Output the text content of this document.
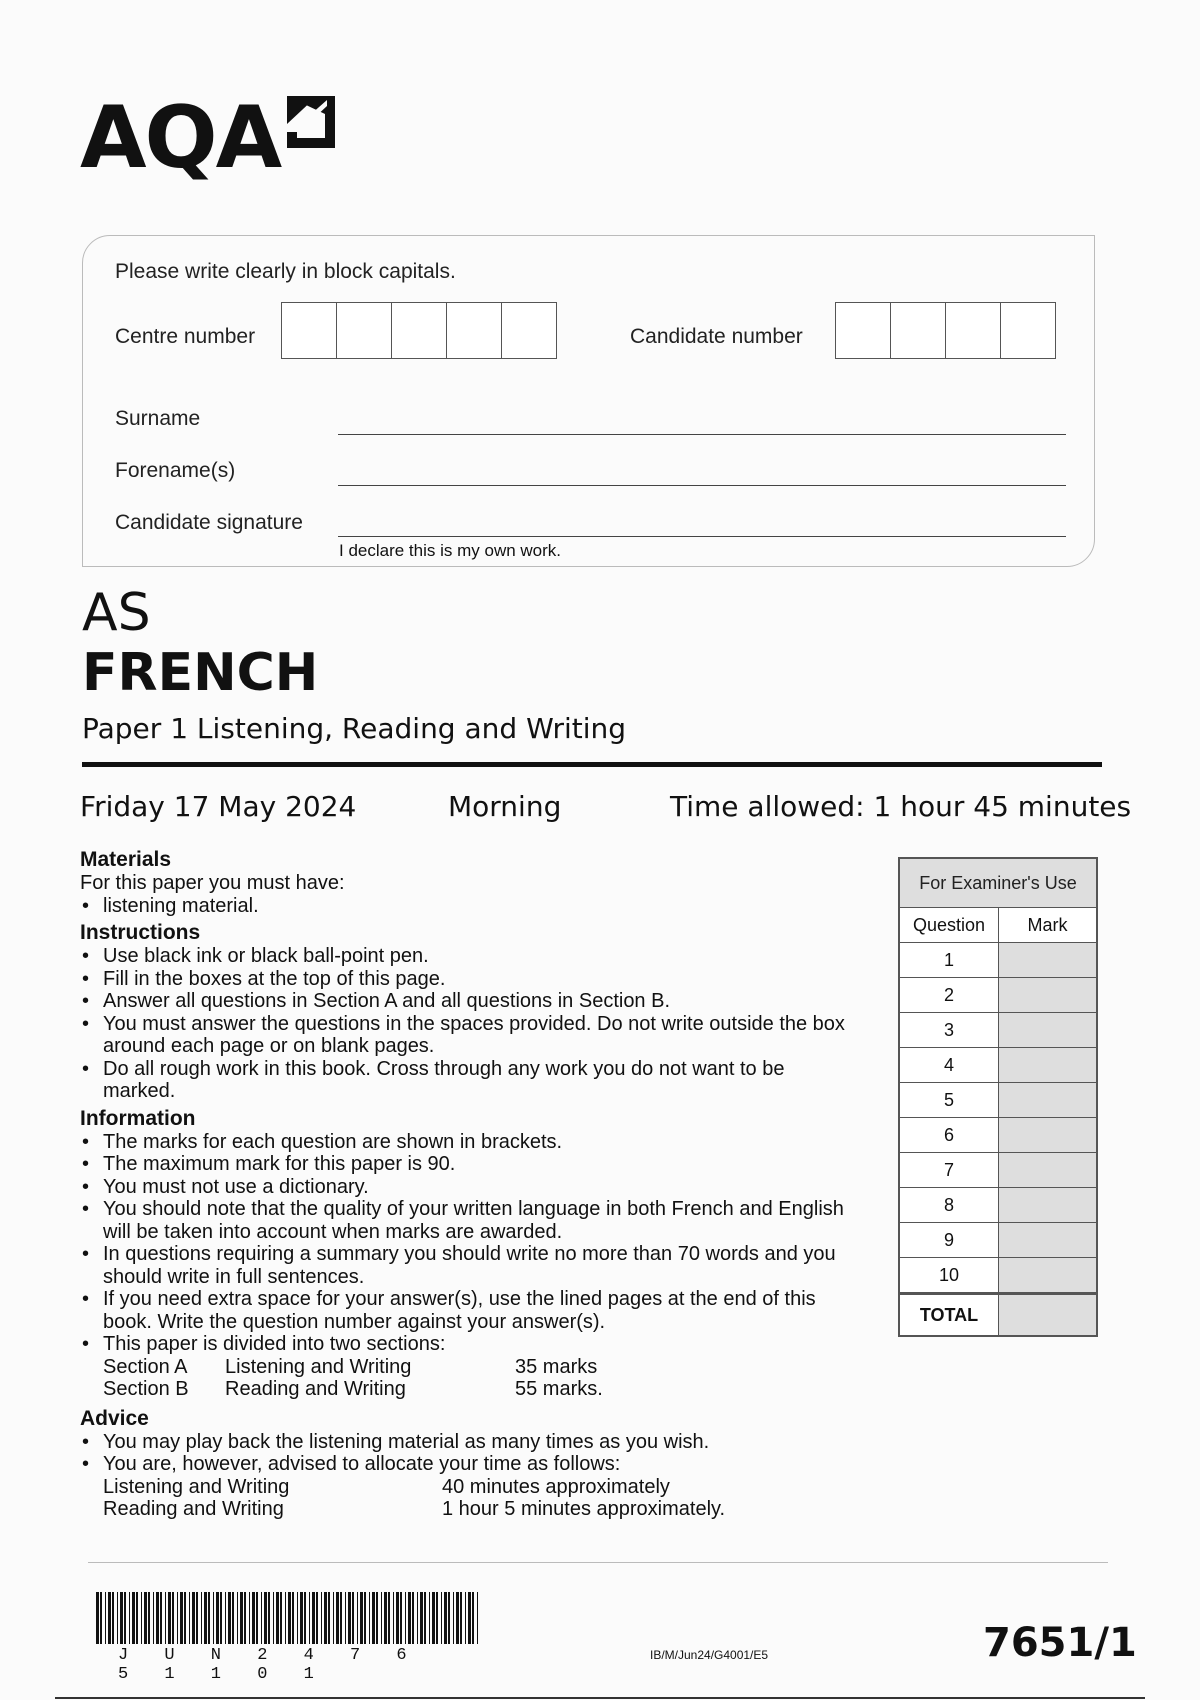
AQA
Please write clearly in block capitals.
Centre number	Candidate number
Surname
Forename(s)
Candidate signature
I declare this is my own work.
AS
FRENCH
Paper 1 Listening, Reading and Writing
Friday 17 May 2024	Morning	Time allowed: 1 hour 45 minutes
Materials
For this paper you must have:
• listening material.
Instructions
• Use black ink or black ball-point pen.
• Fill in the boxes at the top of this page.
• Answer all questions in Section A and all questions in Section B.
• You must answer the questions in the spaces provided. Do not write outside the box around each page or on blank pages.
• Do all rough work in this book. Cross through any work you do not want to be marked.
Information
• The marks for each question are shown in brackets.
• The maximum mark for this paper is 90.
• You must not use a dictionary.
• You should note that the quality of your written language in both French and English will be taken into account when marks are awarded.
• In questions requiring a summary you should write no more than 70 words and you should write in full sentences.
• If you need extra space for your answer(s), use the lined pages at the end of this book. Write the question number against your answer(s).
• This paper is divided into two sections:
Section A	Listening and Writing	35 marks
Section B	Reading and Writing	55 marks.
Advice
• You may play back the listening material as many times as you wish.
• You are, however, advised to allocate your time as follows:
Listening and Writing	40 minutes approximately
Reading and Writing	1 hour 5 minutes approximately.
For Examiner's Use
Question	Mark
1
2
3
4
5
6
7
8
9
10
TOTAL
J U N 2 4 7 6 5 1 1 0 1
IB/M/Jun24/G4001/E5	7651/1
